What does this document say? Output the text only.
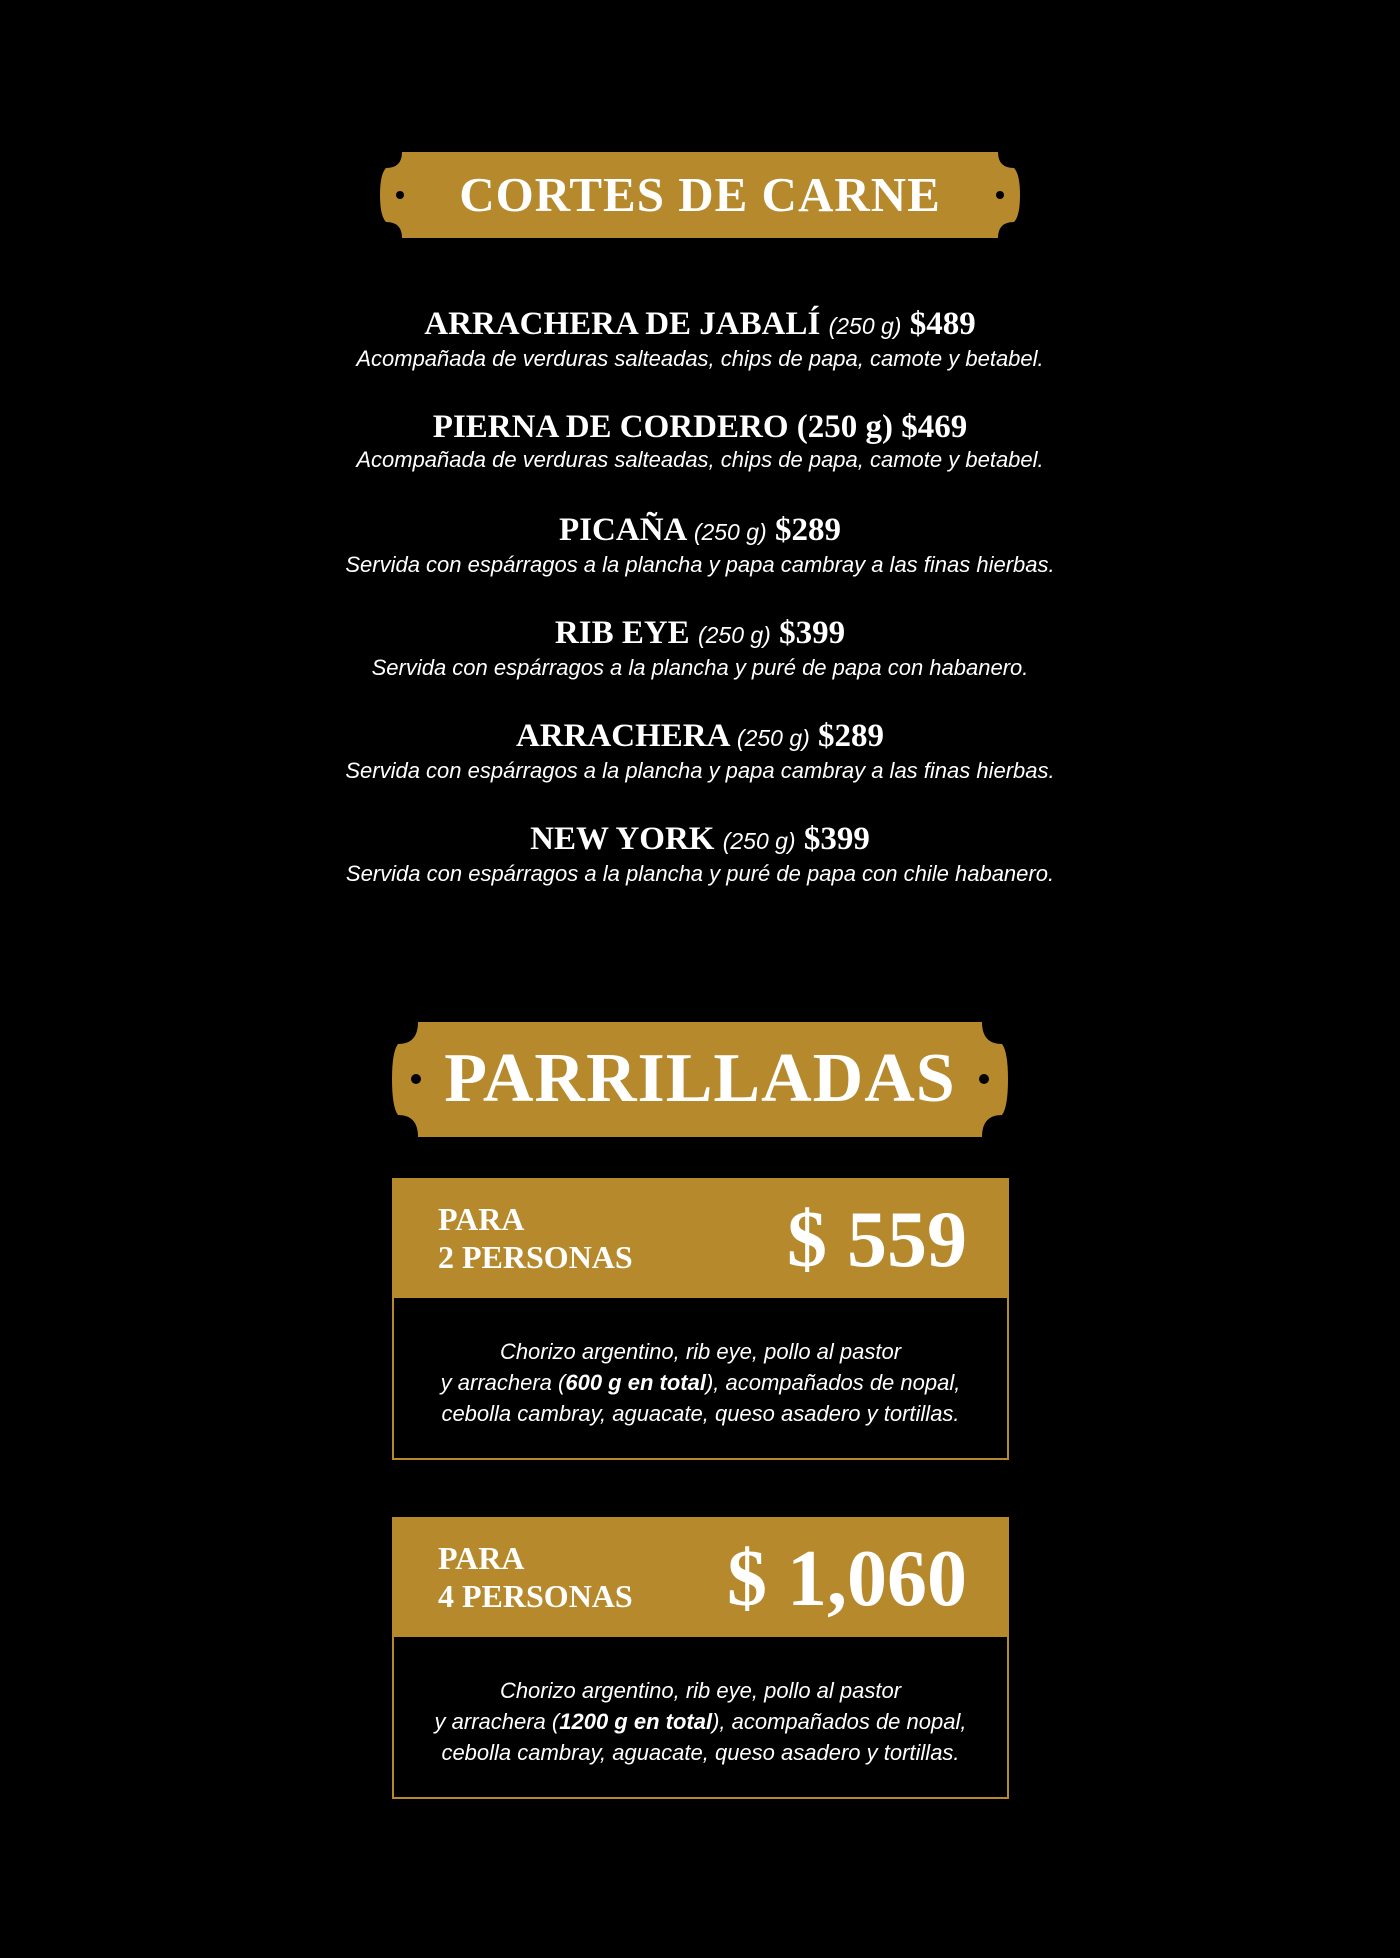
CORTES DE CARNE
ARRACHERA DE JABALÍ (250 g) $489
Acompañada de verduras salteadas, chips de papa, camote y betabel.
PIERNA DE CORDERO (250 g) $469
Acompañada de verduras salteadas, chips de papa, camote y betabel.
PICAÑA (250 g) $289
Servida con espárragos a la plancha y papa cambray a las finas hierbas.
RIB EYE (250 g) $399
Servida con espárragos a la plancha y puré de papa con habanero.
ARRACHERA (250 g) $289
Servida con espárragos a la plancha y papa cambray a las finas hierbas.
NEW YORK (250 g) $399
Servida con espárragos a la plancha y puré de papa con chile habanero.
PARRILLADAS
PARA
2 PERSONAS $ 559
Chorizo argentino, rib eye, pollo al pastor
y arrachera (600 g en total), acompañados de nopal,
cebolla cambray, aguacate, queso asadero y tortillas.
PARA
4 PERSONAS $ 1,060
Chorizo argentino, rib eye, pollo al pastor
y arrachera (1200 g en total), acompañados de nopal,
cebolla cambray, aguacate, queso asadero y tortillas.
